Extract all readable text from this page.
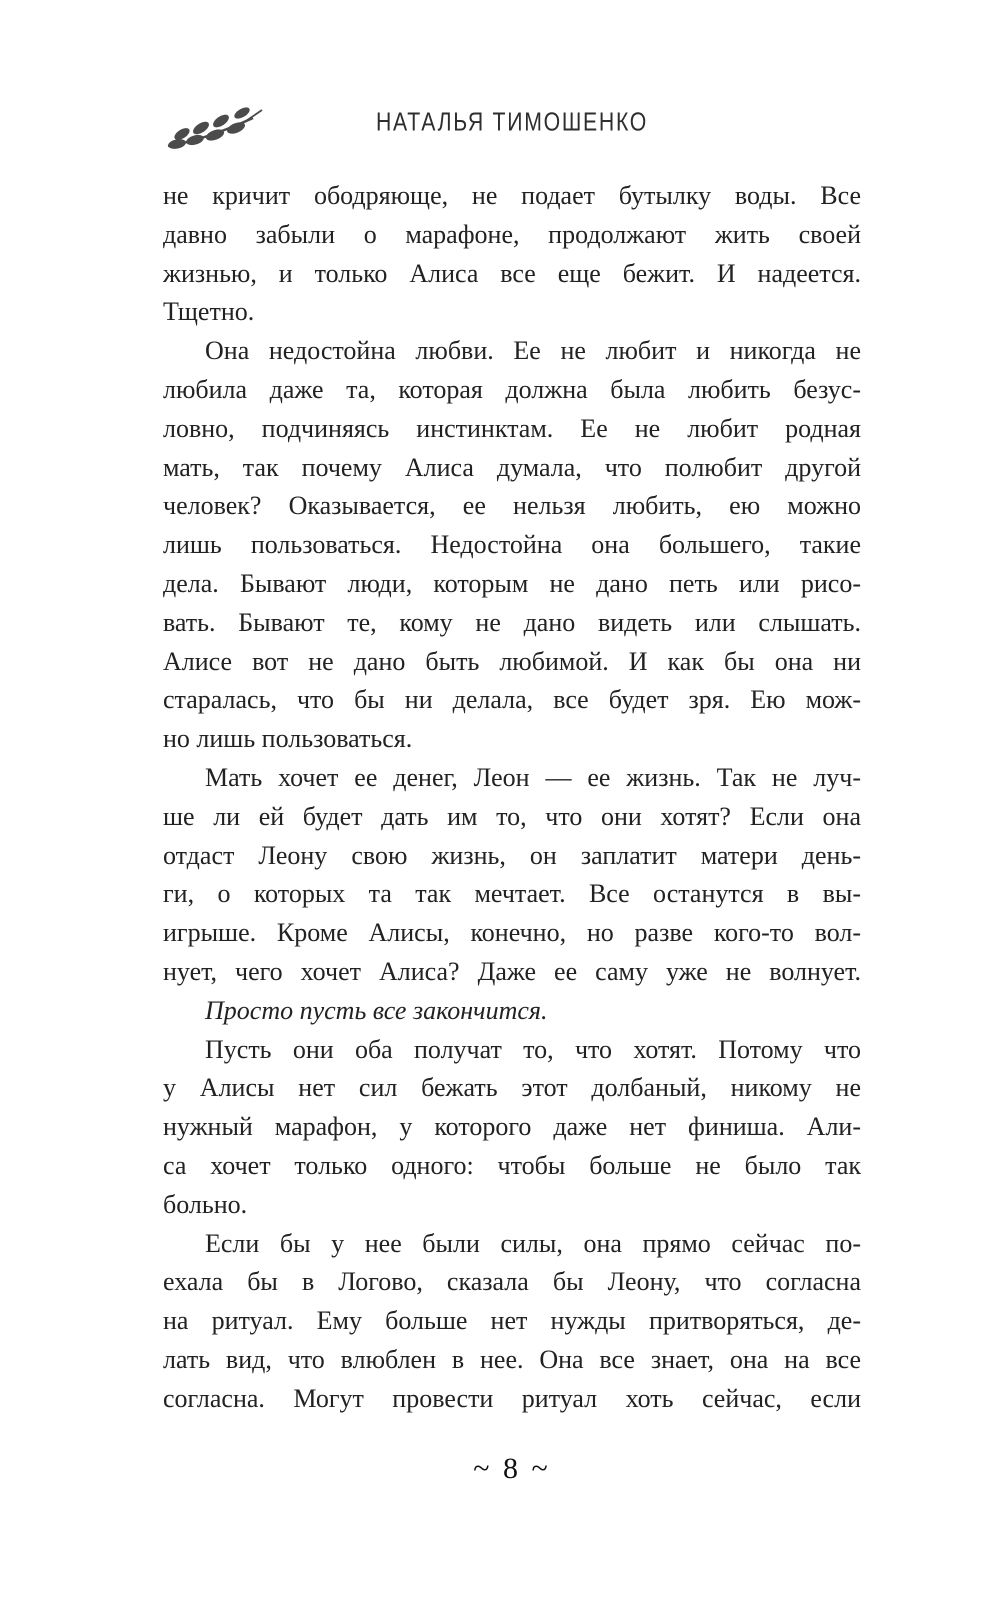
НАТАЛЬЯ ТИМОШЕНКО
не кричит ободряюще, не подает бутылку воды. Все
давно забыли о марафоне, продолжают жить своей
жизнью, и только Алиса все еще бежит. И надеется.
Тщетно.
Она недостойна любви. Ее не любит и никогда не
любила даже та, которая должна была любить безус-
ловно, подчиняясь инстинктам. Ее не любит родная
мать, так почему Алиса думала, что полюбит другой
человек? Оказывается, ее нельзя любить, ею можно
лишь пользоваться. Недостойна она большего, такие
дела. Бывают люди, которым не дано петь или рисо-
вать. Бывают те, кому не дано видеть или слышать.
Алисе вот не дано быть любимой. И как бы она ни
старалась, что бы ни делала, все будет зря. Ею мож-
но лишь пользоваться.
Мать хочет ее денег, Леон — ее жизнь. Так не луч-
ше ли ей будет дать им то, что они хотят? Если она
отдаст Леону свою жизнь, он заплатит матери день-
ги, о которых та так мечтает. Все останутся в вы-
игрыше. Кроме Алисы, конечно, но разве кого-то вол-
нует, чего хочет Алиса? Даже ее саму уже не волнует.
Просто пусть все закончится.
Пусть они оба получат то, что хотят. Потому что
у Алисы нет сил бежать этот долбаный, никому не
нужный марафон, у которого даже нет финиша. Али-
са хочет только одного: чтобы больше не было так
больно.
Если бы у нее были силы, она прямо сейчас по-
ехала бы в Логово, сказала бы Леону, что согласна
на ритуал. Ему больше нет нужды притворяться, де-
лать вид, что влюблен в нее. Она все знает, она на все
согласна. Могут провести ритуал хоть сейчас, если
~ 8 ~
